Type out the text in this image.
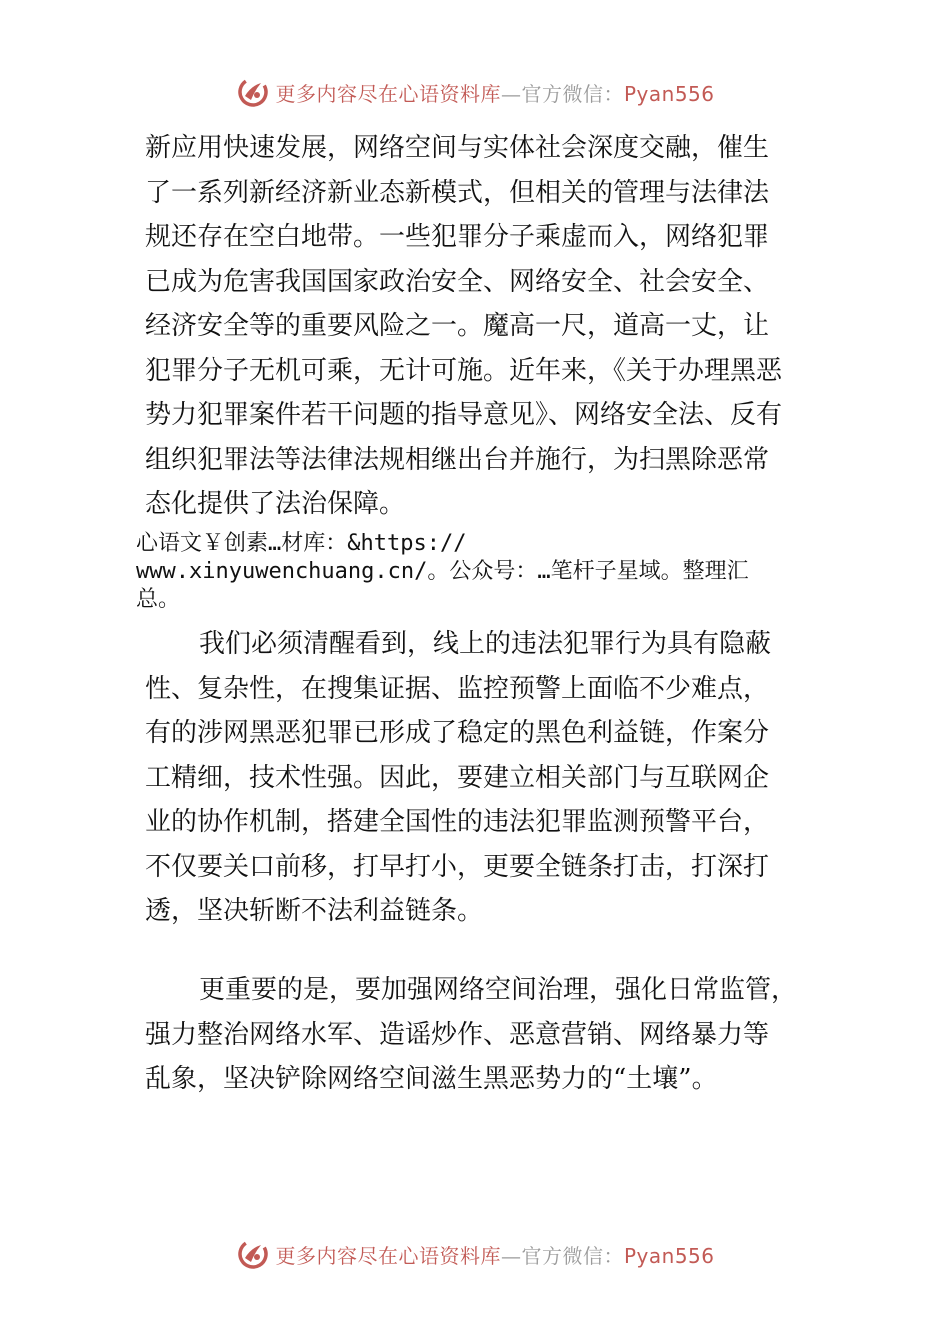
更多内容尽在心语资料库—官方微信：Pyan556
新应用快速发展，网络空间与实体社会深度交融，催生
了一系列新经济新业态新模式，但相关的管理与法律法
规还存在空白地带。一些犯罪分子乘虚而入，网络犯罪
已成为危害我国国家政治安全、网络安全、社会安全、
经济安全等的重要风险之一。魔高一尺，道高一丈，让
犯罪分子无机可乘，无计可施。近年来，《关于办理黑恶
势力犯罪案件若干问题的指导意见》、网络安全法、反有
组织犯罪法等法律法规相继出台并施行，为扫黑除恶常
态化提供了法治保障。
心语文￥创素…材库：&https://
www.xinyuwenchuang.cn/。公众号：…笔杆子星域。整理汇
总。
我们必须清醒看到，线上的违法犯罪行为具有隐蔽
性、复杂性，在搜集证据、监控预警上面临不少难点，
有的涉网黑恶犯罪已形成了稳定的黑色利益链，作案分
工精细，技术性强。因此，要建立相关部门与互联网企
业的协作机制，搭建全国性的违法犯罪监测预警平台，
不仅要关口前移，打早打小，更要全链条打击，打深打
透，坚决斩断不法利益链条。
更重要的是，要加强网络空间治理，强化日常监管，
强力整治网络水军、造谣炒作、恶意营销、网络暴力等
乱象，坚决铲除网络空间滋生黑恶势力的“土壤”。
更多内容尽在心语资料库—官方微信：Pyan556
